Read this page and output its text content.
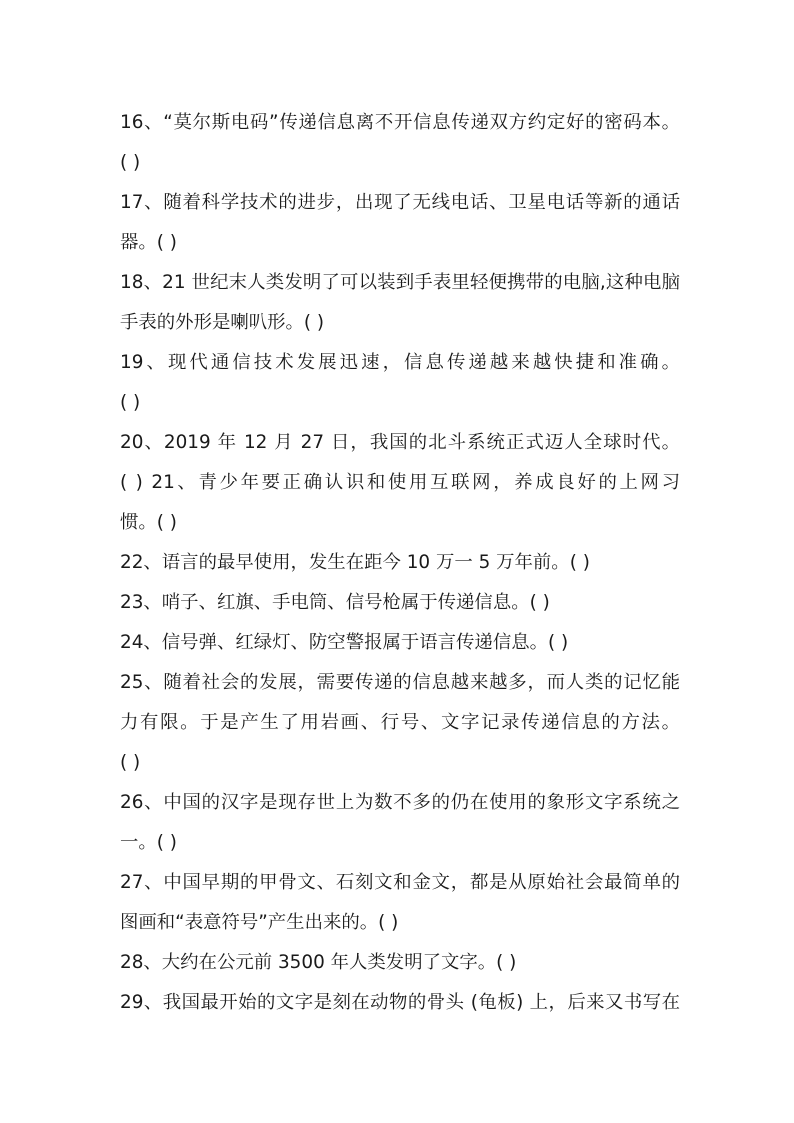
16、“莫尔斯电码”传递信息离不开信息传递双方约定好的密码本。
( )
17、随着科学技术的进步，出现了无线电话、卫星电话等新的通话
器。( )
18、21 世纪末人类发明了可以装到手表里轻便携带的电脑,这种电脑
手表的外形是喇叭形。( )
19、现代通信技术发展迅速，信息传递越来越快捷和准确。
( )
20、2019 年 12 月 27 日，我国的北斗系统正式迈人全球时代。
( ) 21、青少年要正确认识和使用互联网，养成良好的上网习
惯。( )
22、语言的最早使用，发生在距今 10 万一 5 万年前。( )
23、哨子、红旗、手电筒、信号枪属于传递信息。( )
24、信号弹、红绿灯、防空警报属于语言传递信息。( )
25、随着社会的发展，需要传递的信息越来越多，而人类的记忆能
力有限。于是产生了用岩画、行号、文字记录传递信息的方法。
( )
26、中国的汉字是现存世上为数不多的仍在使用的象形文字系统之
一。( )
27、中国早期的甲骨文、石刻文和金文，都是从原始社会最简单的
图画和“表意符号”产生出来的。( )
28、大约在公元前 3500 年人类发明了文字。( )
29、我国最开始的文字是刻在动物的骨头 (龟板) 上，后来又书写在
